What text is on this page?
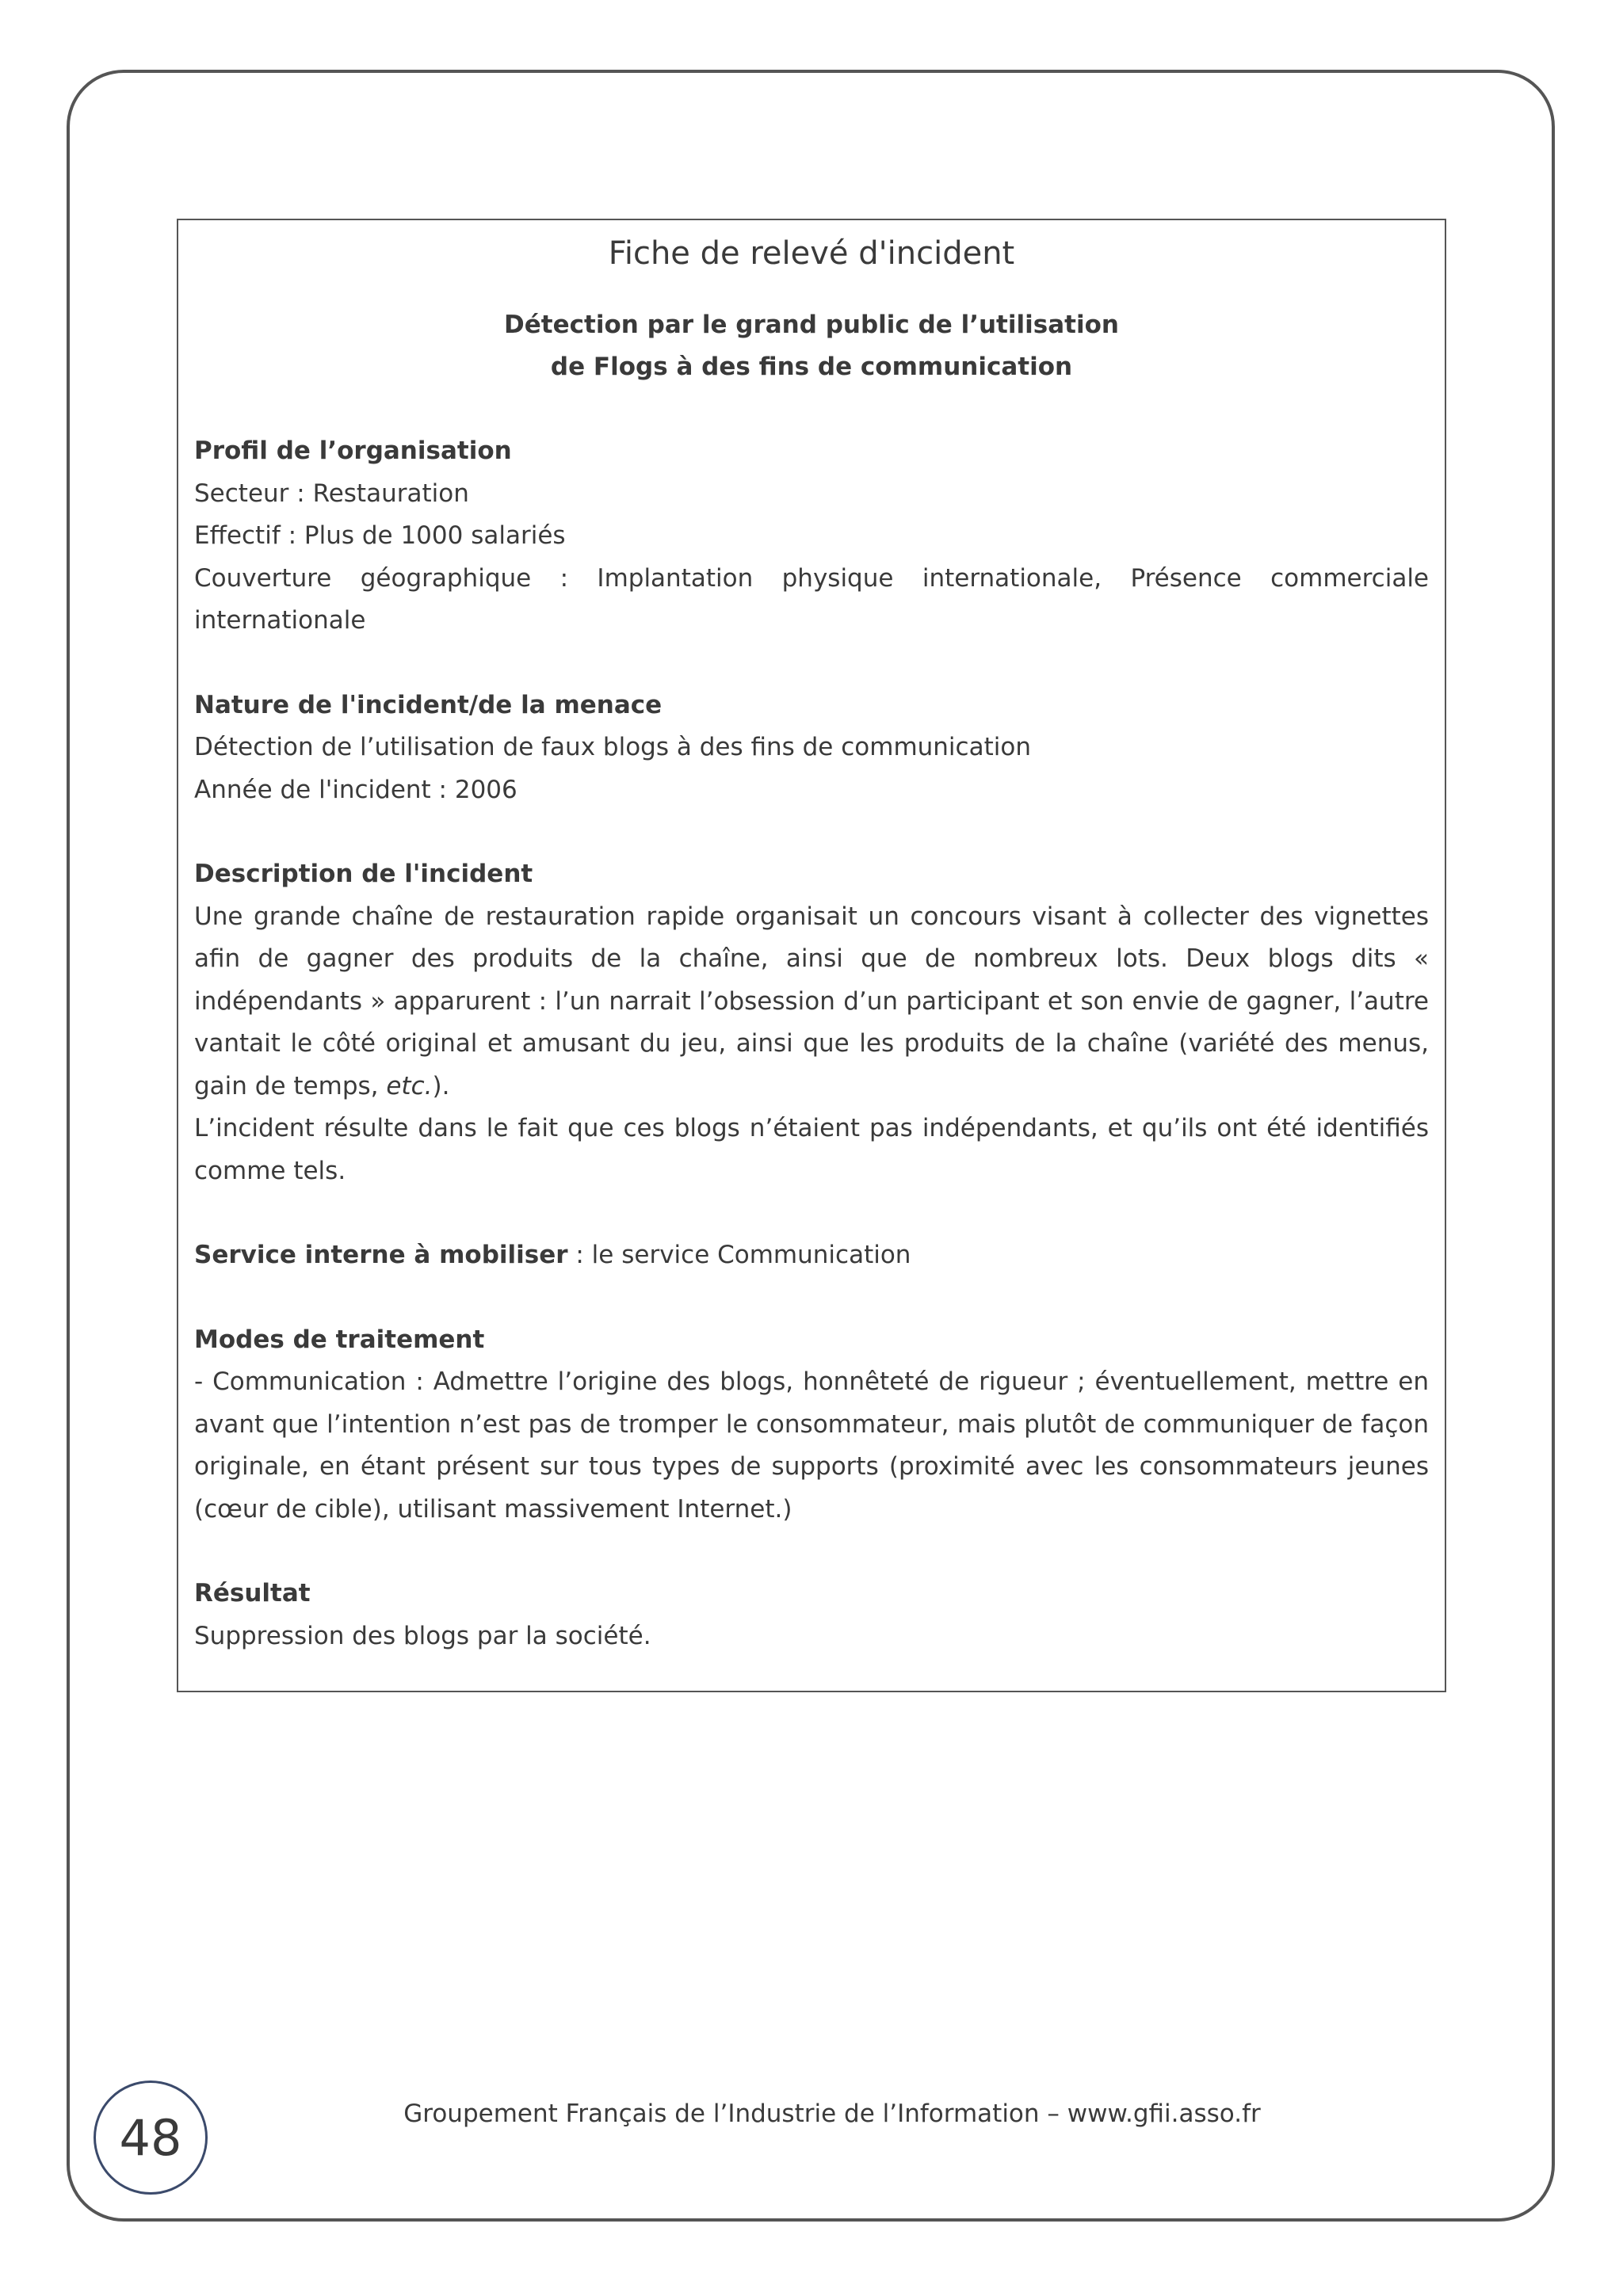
Fiche de relevé d'incident
Détection par le grand public de l’utilisation
de Flogs à des fins de communication
Profil de l’organisation

Secteur : Restauration

Effectif : Plus de 1000 salariés

Couverture géographique : Implantation physique internationale, Présence commerciale internationale

Nature de l'incident/de la menace

Détection de l’utilisation de faux blogs à des fins de communication

Année de l'incident : 2006

Description de l'incident

Une grande chaîne de restauration rapide organisait un concours visant à collecter des vignettes afin de gagner des produits de la chaîne, ainsi que de nombreux lots. Deux blogs dits « indépendants » apparurent : l’un narrait l’obsession d’un participant et son envie de gagner, l’autre vantait le côté original et amusant du jeu, ainsi que les produits de la chaîne (variété des menus, gain de temps, etc.).

L’incident résulte dans le fait que ces blogs n’étaient pas indépendants, et qu’ils ont été identifiés comme tels.

Service interne à mobiliser : le service Communication

Modes de traitement

- Communication : Admettre l’origine des blogs, honnêteté de rigueur ; éventuellement, mettre en avant que l’intention n’est pas de tromper le consommateur, mais plutôt de communiquer de façon originale, en étant présent sur tous types de supports (proximité avec les consommateurs jeunes (cœur de cible), utilisant massivement Internet.)

Résultat

Suppression des blogs par la société.

48	Groupement Français de l’Industrie de l’Information – www.gfii.asso.fr
